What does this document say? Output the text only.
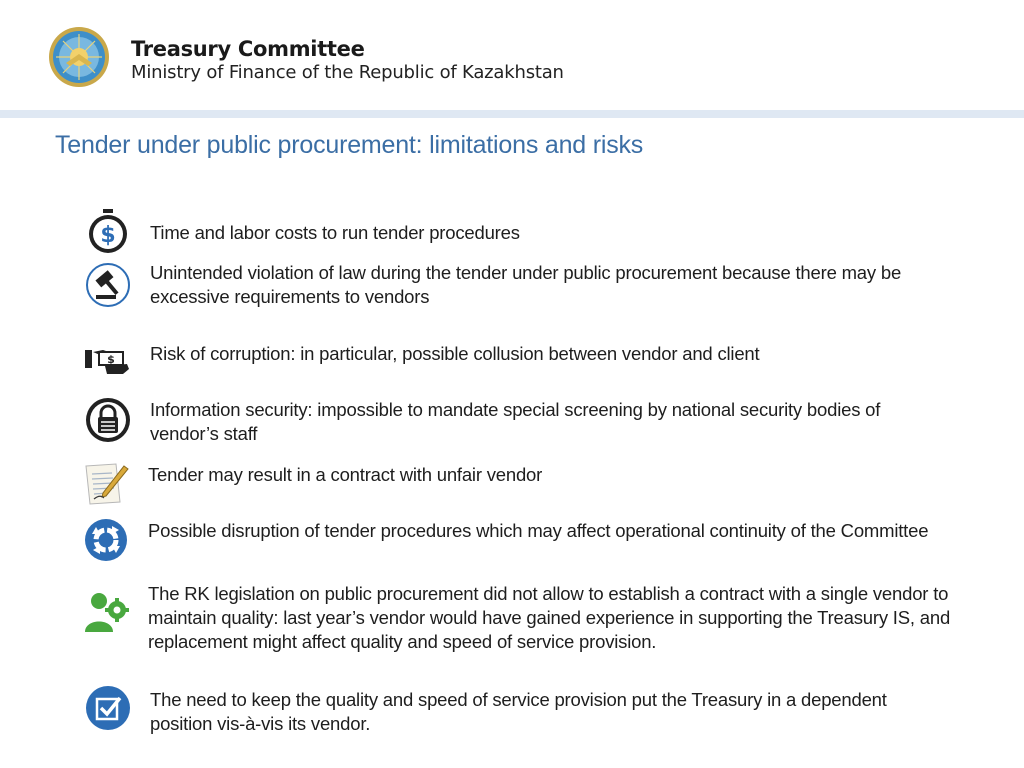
Treasury Committee
Ministry of Finance of the Republic of Kazakhstan
Tender under public procurement: limitations and risks
$ Time and labor costs to run tender procedures
Unintended violation of law during the tender under public procurement because there may be excessive requirements to vendors
$ Risk of corruption: in particular, possible collusion between vendor and client
Information security: impossible to mandate special screening by national security bodies of vendor’s staff
Tender may result in a contract with unfair vendor
Possible disruption of tender procedures which may affect operational continuity of the Committee
The RK legislation on public procurement did not allow to establish a contract with a single vendor to maintain quality: last year’s vendor would have gained experience in supporting the Treasury IS, and replacement might affect quality and speed of service provision.
The need to keep the quality and speed of service provision put the Treasury in a dependent position vis-à-vis its vendor.
